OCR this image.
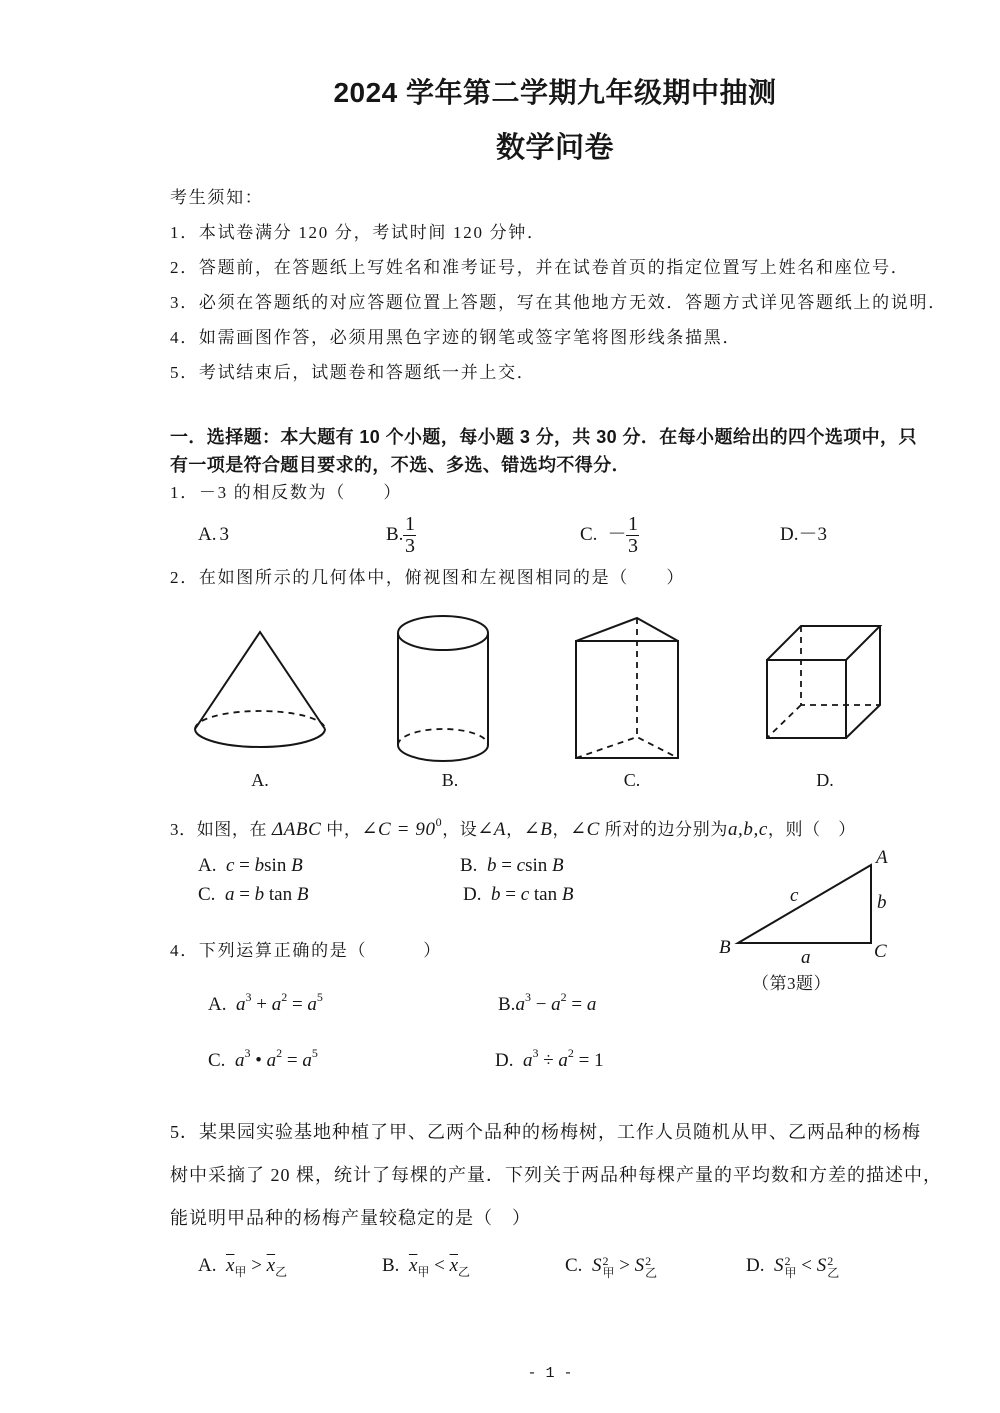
2024 学年第二学期九年级期中抽测
数学问卷
考生须知：
1．本试卷满分 120 分，考试时间 120 分钟．
2．答题前，在答题纸上写姓名和准考证号，并在试卷首页的指定位置写上姓名和座位号．
3．必须在答题纸的对应答题位置上答题，写在其他地方无效．答题方式详见答题纸上的说明．
4．如需画图作答，必须用黑色字迹的钢笔或签字笔将图形线条描黑．
5．考试结束后，试题卷和答题纸一并上交．
一．选择题：本大题有 10 个小题，每小题 3 分，共 30 分．在每小题给出的四个选项中，只
有一项是符合题目要求的，不选、多选、错选均不得分．
1．－3 的相反数为（　　）
A. 3	B. $\frac{1}{3}$	C. － $\frac{1}{3}$	D. －3
2．在如图所示的几何体中，俯视图和左视图相同的是（　　）
A.	B.	C.	D.
3．如图，在 ΔABC 中，∠C = $90^0$，设∠A，∠B，∠C 所对的边分别为a,b,c，则（　）
A. c = bsin B	B. b = csin B
C. a = b tan B	D. b = c tan B
A
b
c
B	a	C
（第3题）
4．下列运算正确的是（　　　）
A. $a^3 + a^2 = a^5$	$B.a^3 - a^2 = a$
C. $a^3$ • $a^2 = a^5$	D. $a^3 \div a^2 = 1$
5．某果园实验基地种植了甲、乙两个品种的杨梅树，工作人员随机从甲、乙两品种的杨梅
树中采摘了 20 棵，统计了每棵的产量．下列关于两品种每棵产量的平均数和方差的描述中，
能说明甲品种的杨梅产量较稳定的是（　）
A. $\overline{x}_甲 > \overline{x}_乙$	B. $\overline{x}_甲 < \overline{x}_乙$	C. S 2
甲 > S 2
乙	D. S 2
甲 < S 2
乙
- 1 -
